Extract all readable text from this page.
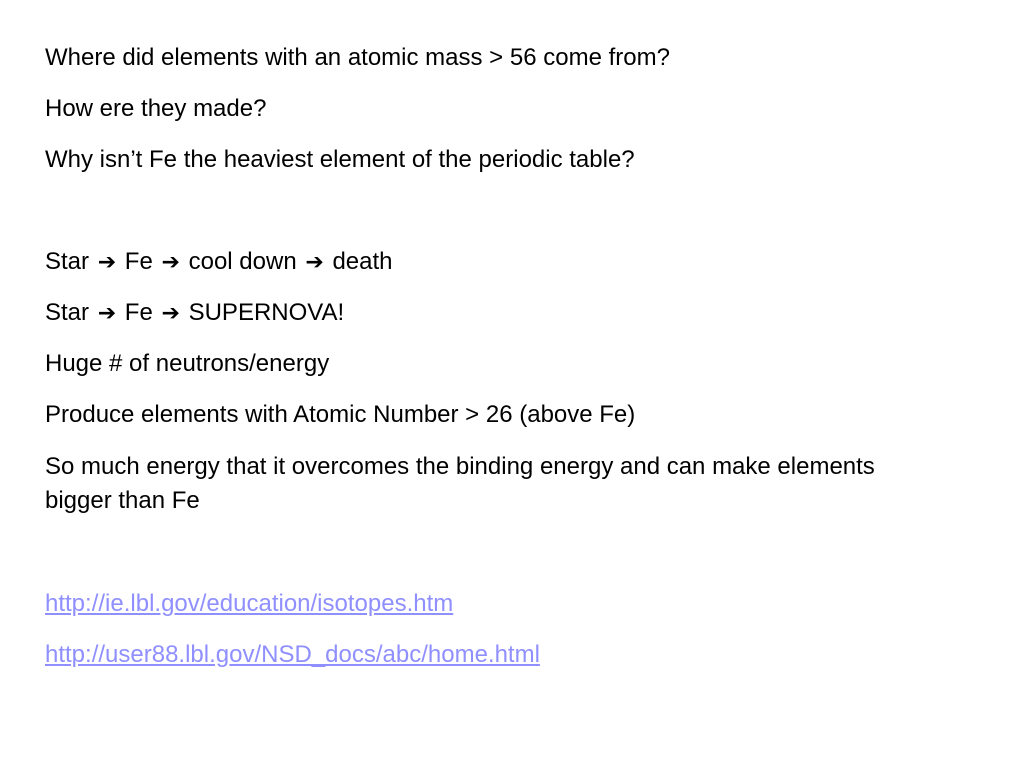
Where did elements with an atomic mass > 56 come from?
How ere they made?
Why isn’t Fe the heaviest element of the periodic table?
Star ➔ Fe ➔ cool down ➔ death
Star ➔ Fe ➔ SUPERNOVA!
Huge # of neutrons/energy
Produce elements with Atomic Number > 26 (above Fe)
So much energy that it overcomes the binding energy and can make elements bigger than Fe
http://ie.lbl.gov/education/isotopes.htm
http://user88.lbl.gov/NSD_docs/abc/home.html
